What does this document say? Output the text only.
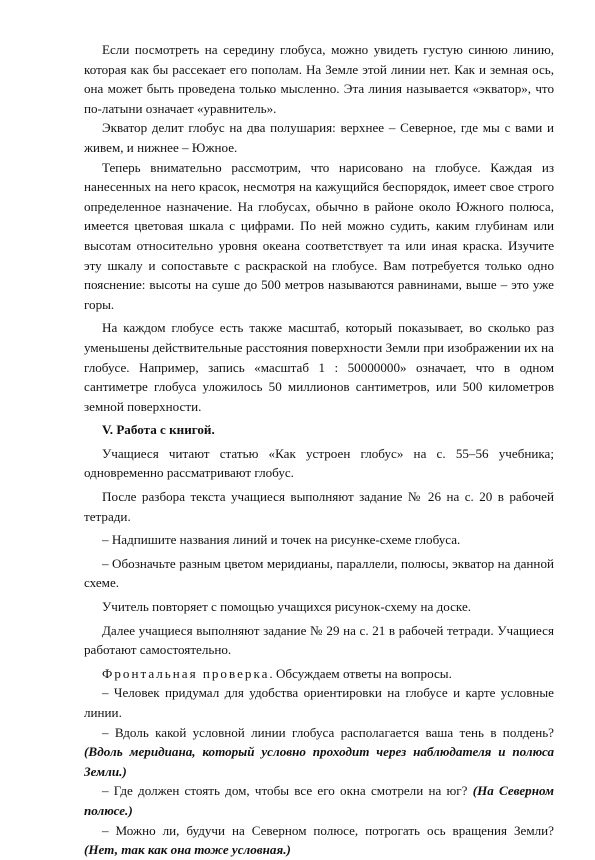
Если посмотреть на середину глобуса, можно увидеть густую синюю линию, которая как бы рассекает его пополам. На Земле этой линии нет. Как и земная ось, она может быть проведена только мысленно. Эта линия называется «экватор», что по-латыни означает «уравнитель».

Экватор делит глобус на два полушария: верхнее – Северное, где мы с вами и живем, и нижнее – Южное.

Теперь внимательно рассмотрим, что нарисовано на глобусе. Каждая из нанесенных на него красок, несмотря на кажущийся беспорядок, имеет свое строго определенное назначение. На глобусах, обычно в районе около Южного полюса, имеется цветовая шкала с цифрами. По ней можно судить, каким глубинам или высотам относительно уровня океана соответствует та или иная краска. Изучите эту шкалу и сопоставьте с раскраской на глобусе. Вам потребуется только одно пояснение: высоты на суше до 500 метров называются равнинами, выше – это уже горы.

На каждом глобусе есть также масштаб, который показывает, во сколько раз уменьшены действительные расстояния поверхности Земли при изображении их на глобусе. Например, запись «масштаб 1 : 50000000» означает, что в одном сантиметре глобуса уложилось 50 миллионов сантиметров, или 500 километров земной поверхности.

V. Работа с книгой.

Учащиеся читают статью «Как устроен глобус» на с. 55–56 учебника; одновременно рассматривают глобус.

После разбора текста учащиеся выполняют задание № 26 на с. 20 в рабочей тетради.

– Надпишите названия линий и точек на рисунке-схеме глобуса.

– Обозначьте разным цветом меридианы, параллели, полюсы, экватор на данной схеме.

Учитель повторяет с помощью учащихся рисунок-схему на доске.

Далее учащиеся выполняют задание № 29 на с. 21 в рабочей тетради. Учащиеся работают самостоятельно.

Фронтальная проверка. Обсуждаем ответы на вопросы.

– Человек придумал для удобства ориентировки на глобусе и карте условные линии.

– Вдоль какой условной линии глобуса располагается ваша тень в полдень? (Вдоль меридиана, который условно проходит через наблюдателя и полюса Земли.)

– Где должен стоять дом, чтобы все его окна смотрели на юг? (На Северном полюсе.)

– Можно ли, будучи на Северном полюсе, потрогать ось вращения Земли? (Нет, так как она тоже условная.)
